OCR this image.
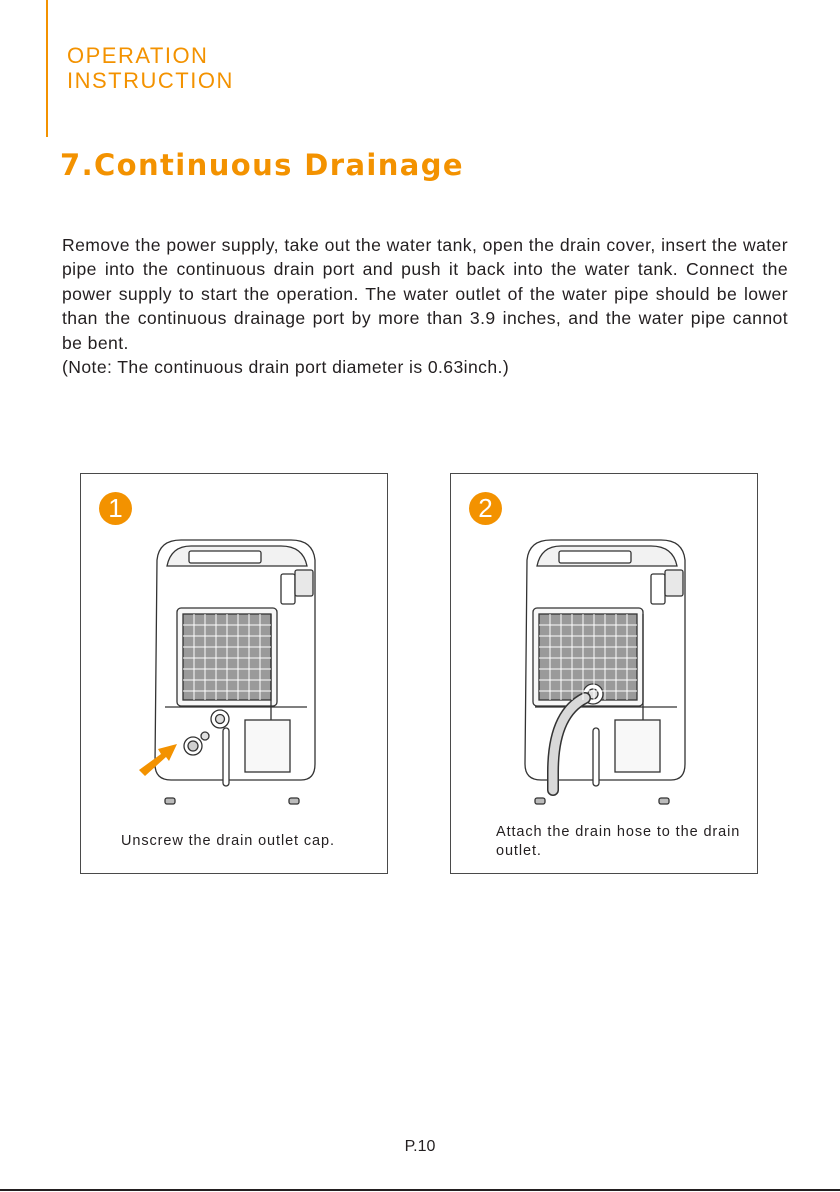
OPERATION
INSTRUCTION
7.Continuous Drainage

Remove the power supply, take out the water tank, open the drain cover, insert the water pipe into the continuous drain port and push it back into the water tank. Connect the power supply to start the operation. The water outlet of the water pipe should be lower than the continuous drainage port by more than 3.9 inches, and the water pipe cannot be bent.

(Note: The continuous drain port diameter is 0.63inch.)
1
Unscrew the drain outlet cap.
2
Attach the drain hose to the drain outlet.
P.10
